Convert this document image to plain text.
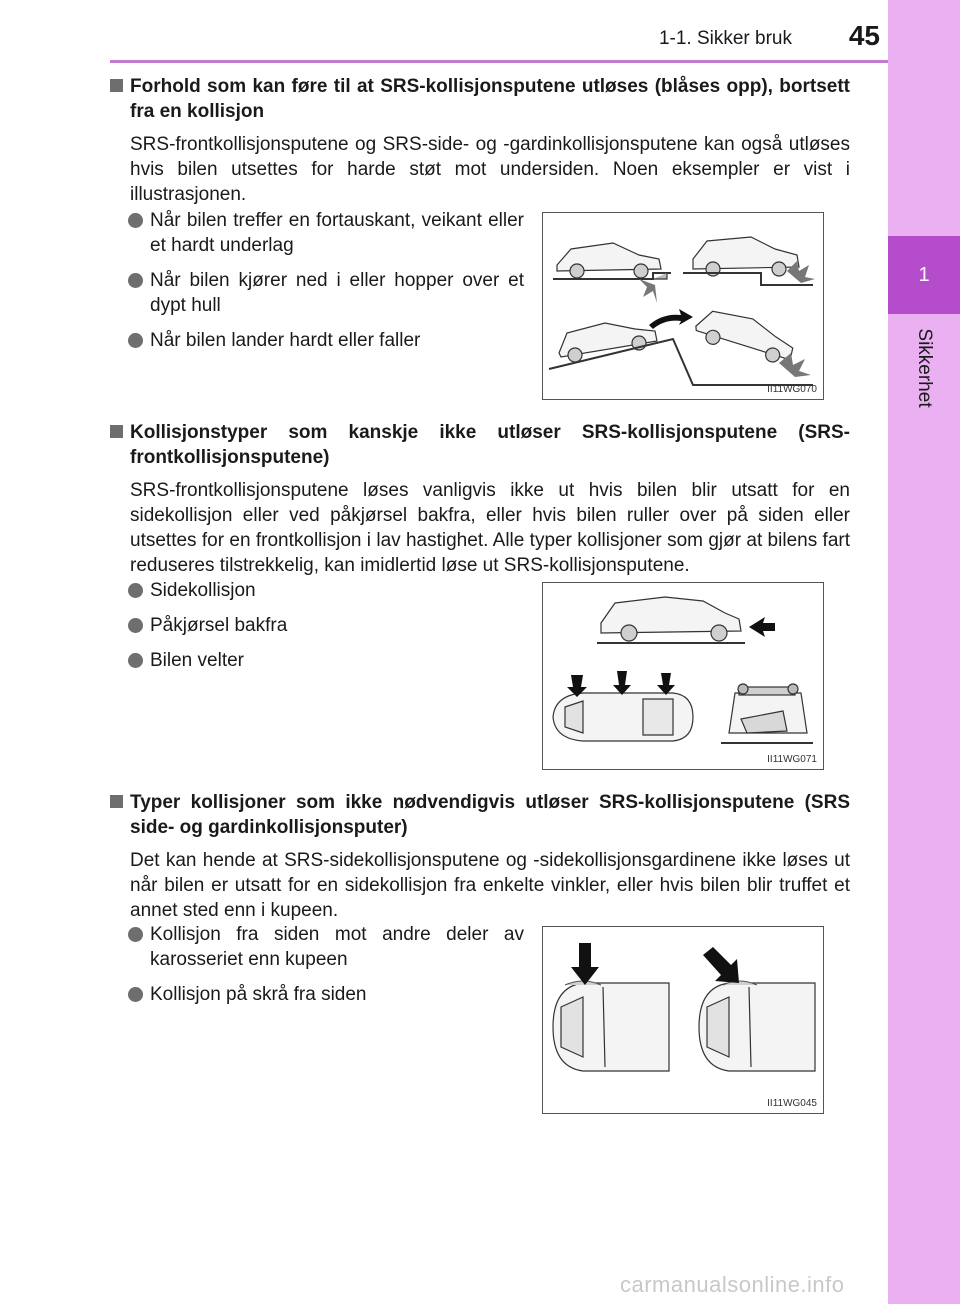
1-1. Sikker bruk	45
1
Sikkerhet
Forhold som kan føre til at SRS-kollisjonsputene utløses (blåses opp), bortsett fra en kollisjon
SRS-frontkollisjonsputene og SRS-side- og -gardinkollisjonsputene kan også utløses hvis bilen utsettes for harde støt mot undersiden. Noen eksempler er vist i illustrasjonen.
Når bilen treffer en fortauskant, veikant eller et hardt underlag
Når bilen kjører ned i eller hopper over et dypt hull
Når bilen lander hardt eller faller
II11WG070
Kollisjonstyper som kanskje ikke utløser SRS-kollisjonsputene (SRS-frontkollisjonsputene)
SRS-frontkollisjonsputene løses vanligvis ikke ut hvis bilen blir utsatt for en sidekollisjon eller ved påkjørsel bakfra, eller hvis bilen ruller over på siden eller utsettes for en frontkollisjon i lav hastighet. Alle typer kollisjoner som gjør at bilens fart reduseres tilstrekkelig, kan imidlertid løse ut SRS-kollisjonsputene.
Sidekollisjon
Påkjørsel bakfra
Bilen velter
II11WG071
Typer kollisjoner som ikke nødvendigvis utløser SRS-kollisjonsputene (SRS side- og gardinkollisjonsputer)
Det kan hende at SRS-sidekollisjonsputene og -sidekollisjonsgardinene ikke løses ut når bilen er utsatt for en sidekollisjon fra enkelte vinkler, eller hvis bilen blir truffet et annet sted enn i kupeen.
Kollisjon fra siden mot andre deler av karosseriet enn kupeen
Kollisjon på skrå fra siden
II11WG045
carmanualsonline.info
